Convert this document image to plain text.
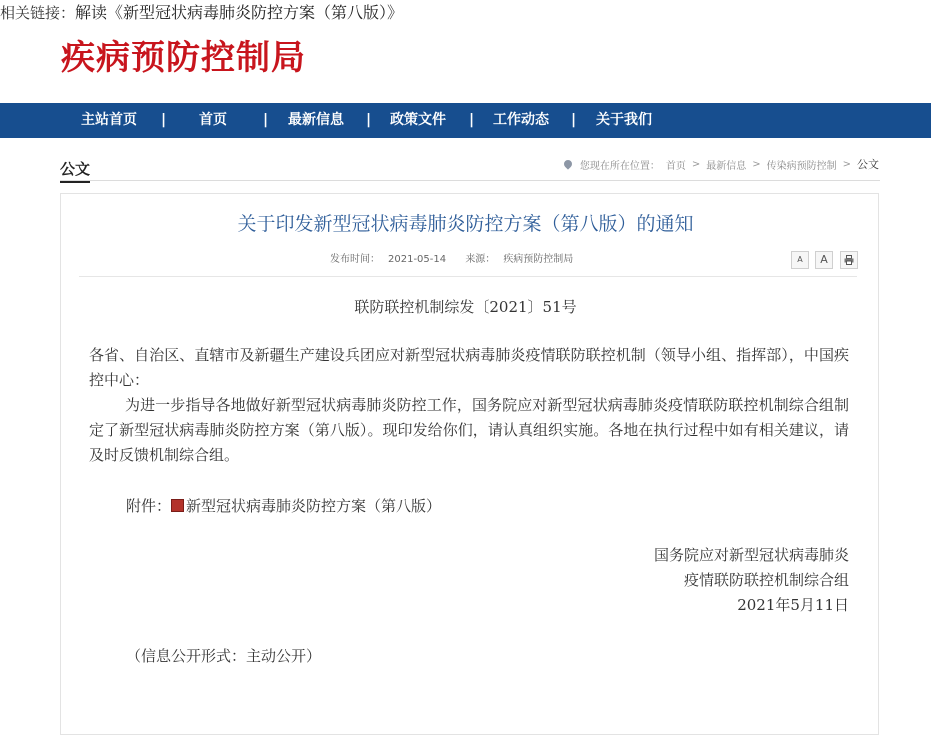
疾病预防控制局
主站首页 | 首页	| 最新信息 | 政策文件 | 工作动态 | 关于我们
公文	您现在所在位置： 首页 > 最新信息 > 传染病预防控制 > 公文
关于印发新型冠状病毒肺炎防控方案（第八版）的通知
发布时间： 2021-05-14 来源： 疾病预防控制局	A	A
联防联控机制综发〔2021〕51号
各省、自治区、直辖市及新疆生产建设兵团应对新型冠状病毒肺炎疫情联防联控机制（领导小组、指挥部），中国疾控中心：
为进一步指导各地做好新型冠状病毒肺炎防控工作，国务院应对新型冠状病毒肺炎疫情联防联控机制综合组制定了新型冠状病毒肺炎防控方案（第八版）。现印发给你们，请认真组织实施。各地在执行过程中如有相关建议，请及时反馈机制综合组。
附件： 新型冠状病毒肺炎防控方案（第八版）
国务院应对新型冠状病毒肺炎
疫情联防联控机制综合组
2021年5月11日
（信息公开形式：主动公开）
相关链接：解读《新型冠状病毒肺炎防控方案（第八版）》
